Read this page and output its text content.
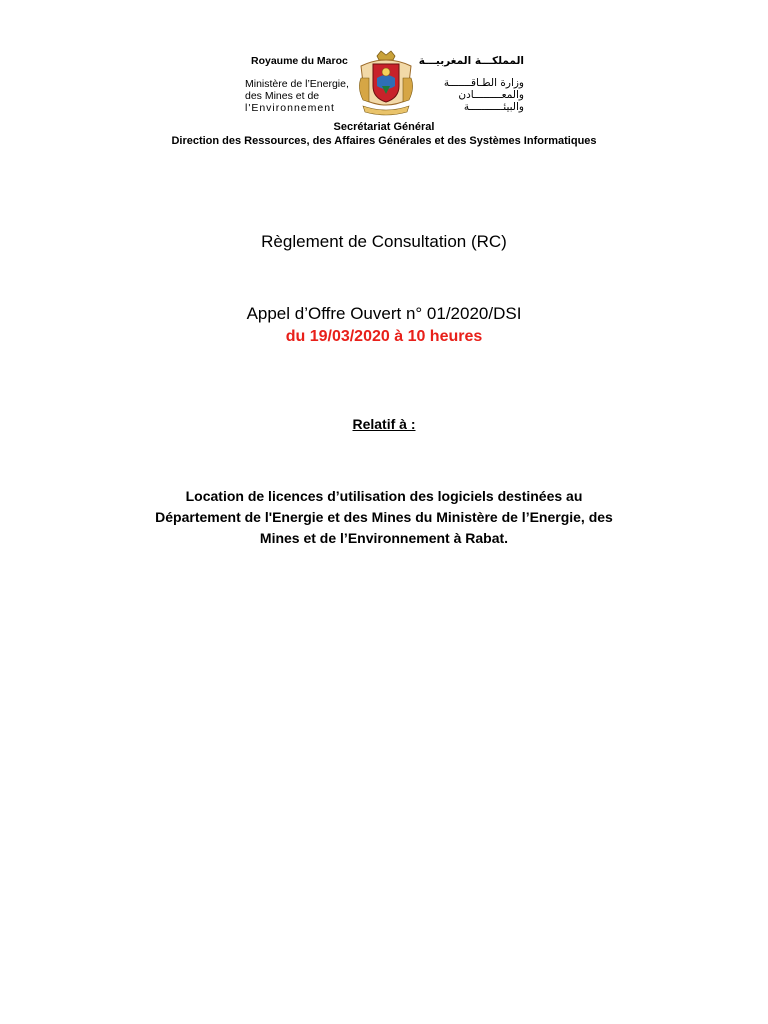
Royaume du Maroc
Ministère de l’Energie,
des Mines et de
l'Environnement
المملكـــة المغربيـــة
وزارة الطـاقـــــــة
والمعـــــــــادن
والبيئـــــــــــة
Secrétariat Général
Direction des Ressources, des Affaires Générales et des Systèmes Informatiques
Règlement de Consultation (RC)
Appel d’Offre Ouvert n° 01/2020/DSI
du 19/03/2020 à 10 heures
Relatif à :
Location de licences d’utilisation des logiciels destinées au
Département de l'Energie et des Mines du Ministère de l’Energie, des
Mines et de l’Environnement à Rabat.
